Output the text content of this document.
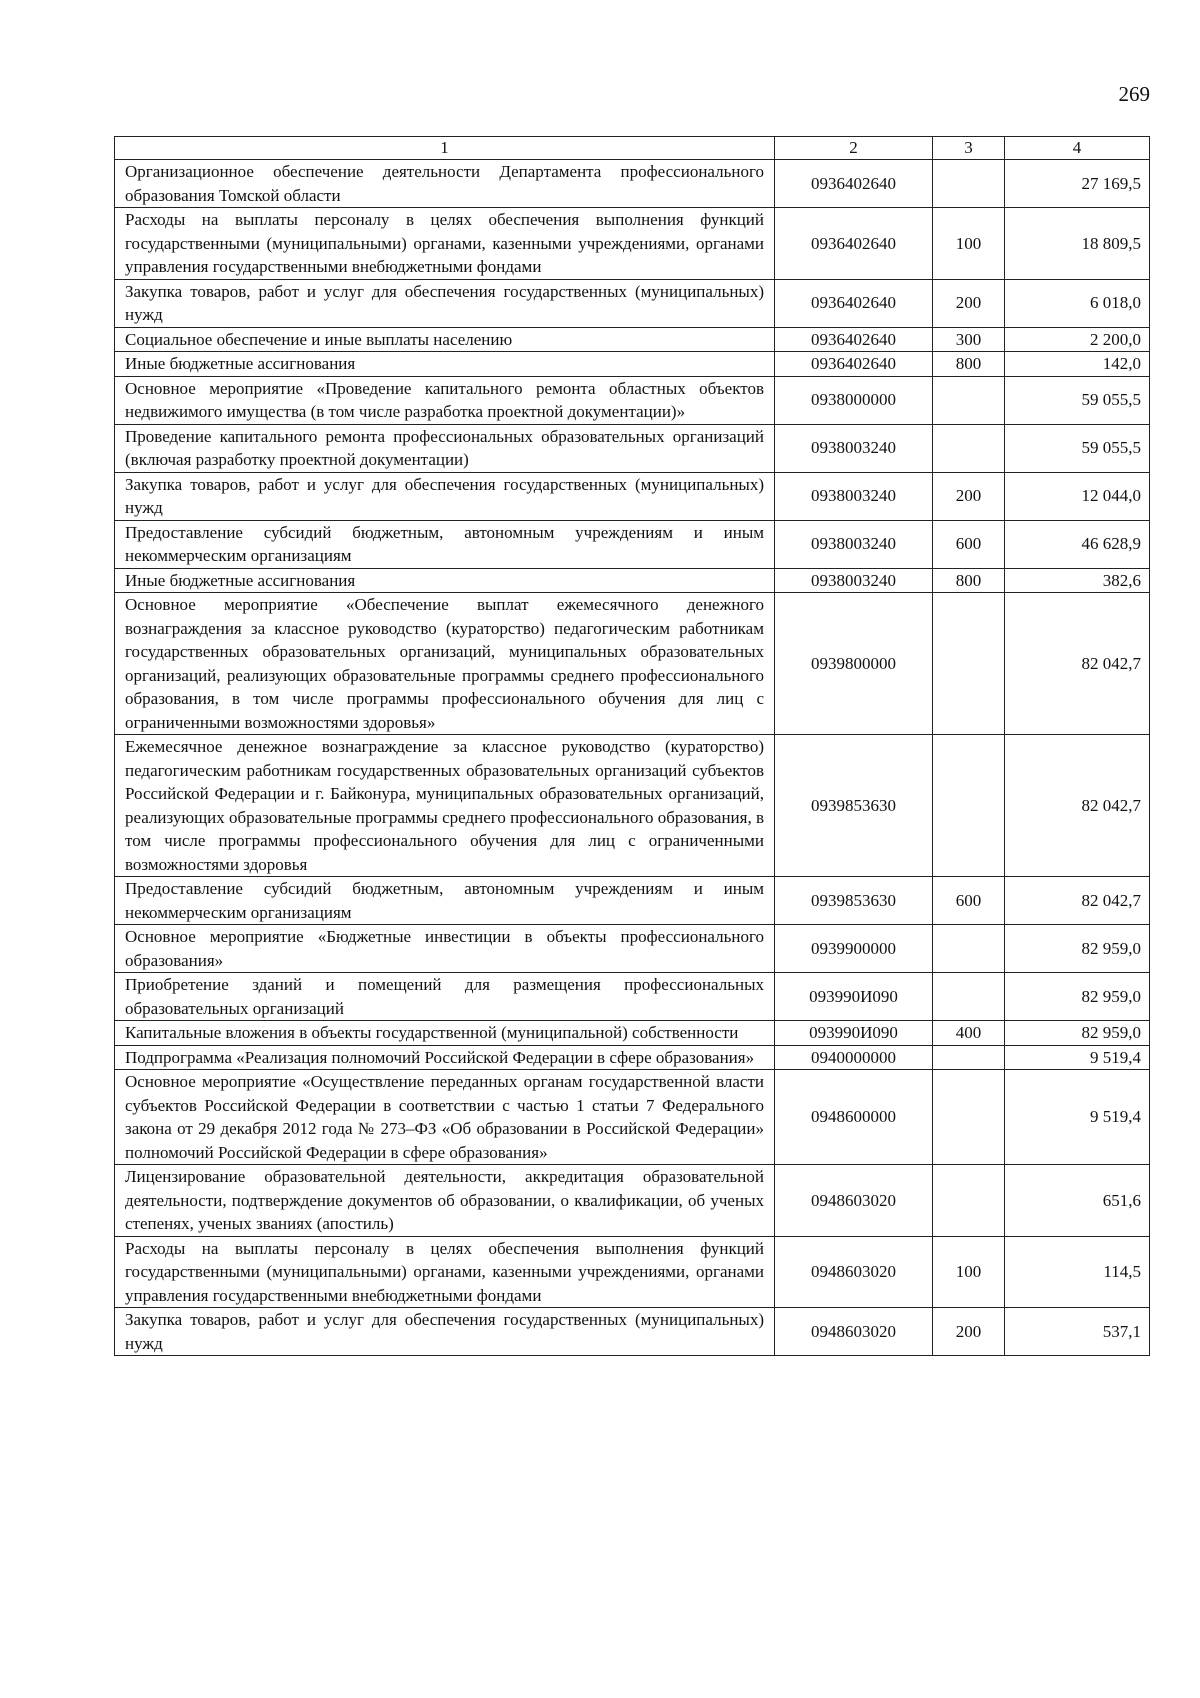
269
1	2	3	4
Организационное обеспечение деятельности Департамента профессионального образования Томской области	0936402640		27 169,5
Расходы на выплаты персоналу в целях обеспечения выполнения функций государственными (муниципальными) органами, казенными учреждениями, органами управления государственными внебюджетными фондами	0936402640	100	18 809,5
Закупка товаров, работ и услуг для обеспечения государственных (муниципальных) нужд	0936402640	200	6 018,0
Социальное обеспечение и иные выплаты населению	0936402640	300	2 200,0
Иные бюджетные ассигнования	0936402640	800	142,0
Основное мероприятие «Проведение капитального ремонта областных объектов недвижимого имущества (в том числе разработка проектной документации)»	0938000000		59 055,5
Проведение капитального ремонта профессиональных образовательных организаций (включая разработку проектной документации)	0938003240		59 055,5
Закупка товаров, работ и услуг для обеспечения государственных (муниципальных) нужд	0938003240	200	12 044,0
Предоставление субсидий бюджетным, автономным учреждениям и иным некоммерческим организациям	0938003240	600	46 628,9
Иные бюджетные ассигнования	0938003240	800	382,6
Основное мероприятие «Обеспечение выплат ежемесячного денежного вознаграждения за классное руководство (кураторство) педагогическим работникам государственных образовательных организаций, муниципальных образовательных организаций, реализующих образовательные программы среднего профессионального образования, в том числе программы профессионального обучения для лиц с ограниченными возможностями здоровья»	0939800000		82 042,7
Ежемесячное денежное вознаграждение за классное руководство (кураторство) педагогическим работникам государственных образовательных организаций субъектов Российской Федерации и г. Байконура, муниципальных образовательных организаций, реализующих образовательные программы среднего профессионального образования, в том числе программы профессионального обучения для лиц с ограниченными возможностями здоровья	0939853630		82 042,7
Предоставление субсидий бюджетным, автономным учреждениям и иным некоммерческим организациям	0939853630	600	82 042,7
Основное мероприятие «Бюджетные инвестиции в объекты профессионального образования»	0939900000		82 959,0
Приобретение зданий и помещений для размещения профессиональных образовательных организаций	093990И090		82 959,0
Капитальные вложения в объекты государственной (муниципальной) собственности	093990И090	400	82 959,0
Подпрограмма «Реализация полномочий Российской Федерации в сфере образования»	0940000000		9 519,4
Основное мероприятие «Осуществление переданных органам государственной власти субъектов Российской Федерации в соответствии с частью 1 статьи 7 Федерального закона от 29 декабря 2012 года № 273–ФЗ «Об образовании в Российской Федерации» полномочий Российской Федерации в сфере образования»	0948600000		9 519,4
Лицензирование образовательной деятельности, аккредитация образовательной деятельности, подтверждение документов об образовании, о квалификации, об ученых степенях, ученых званиях (апостиль)	0948603020		651,6
Расходы на выплаты персоналу в целях обеспечения выполнения функций государственными (муниципальными) органами, казенными учреждениями, органами управления государственными внебюджетными фондами	0948603020	100	114,5
Закупка товаров, работ и услуг для обеспечения государственных (муниципальных) нужд	0948603020	200	537,1
